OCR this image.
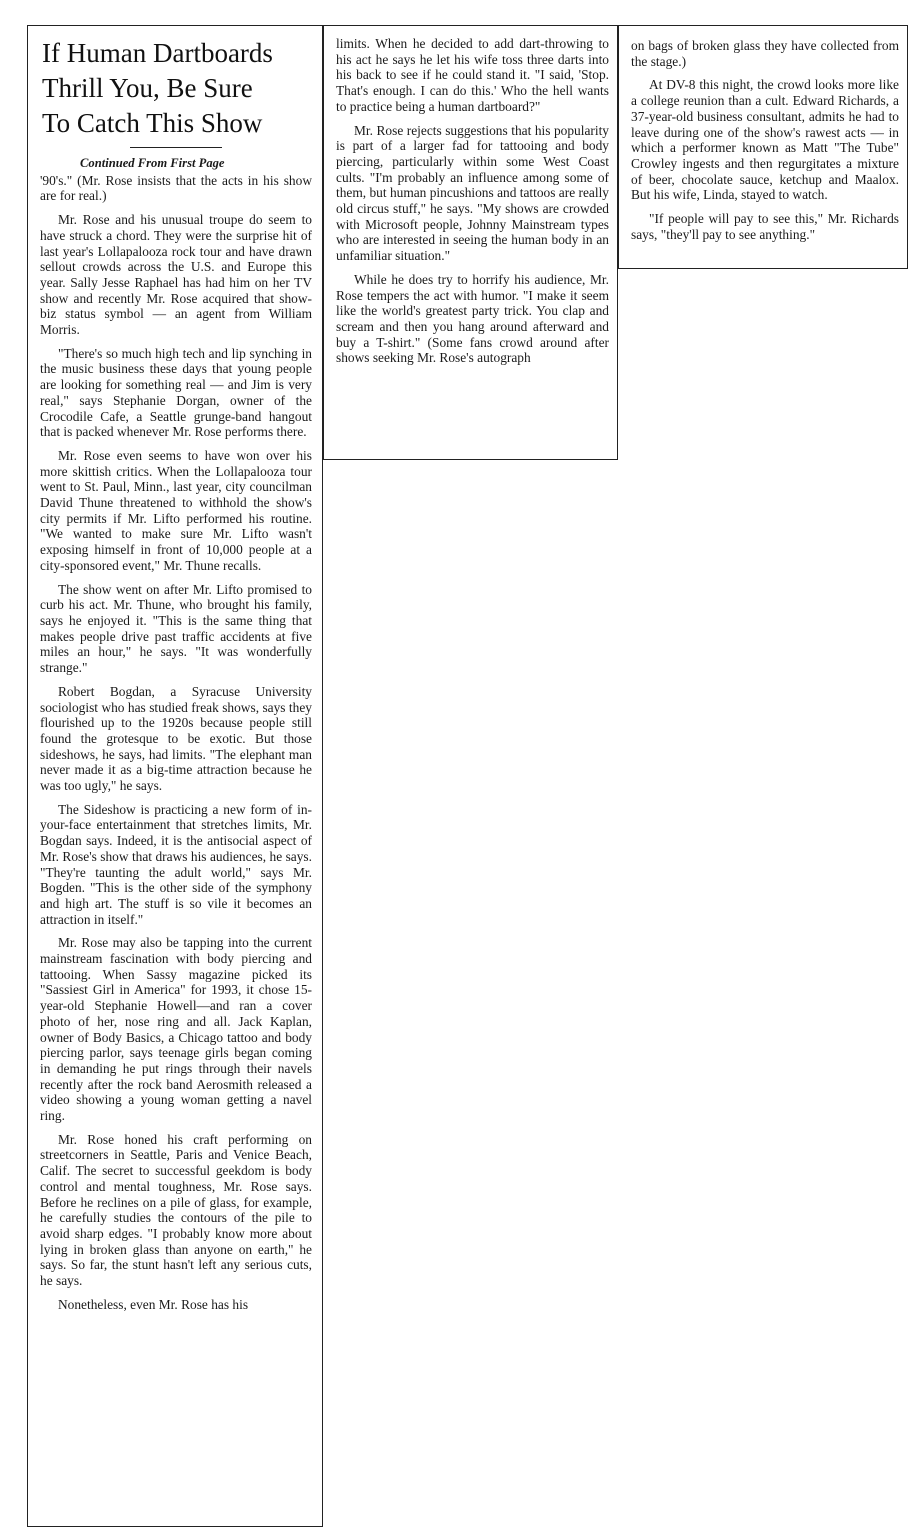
If Human Dartboards
Thrill You, Be Sure
To Catch This Show
Continued From First Page

'90's." (Mr. Rose insists that the acts in his show are for real.)

Mr. Rose and his unusual troupe do seem to have struck a chord. They were the surprise hit of last year's Lollapalooza rock tour and have drawn sellout crowds across the U.S. and Europe this year. Sally Jesse Raphael has had him on her TV show and recently Mr. Rose acquired that show-biz status symbol — an agent from William Morris.

"There's so much high tech and lip synching in the music business these days that young people are looking for something real — and Jim is very real," says Stephanie Dorgan, owner of the Crocodile Cafe, a Seattle grunge-band hangout that is packed whenever Mr. Rose performs there.

Mr. Rose even seems to have won over his more skittish critics. When the Lollapalooza tour went to St. Paul, Minn., last year, city councilman David Thune threatened to withhold the show's city permits if Mr. Lifto performed his routine. "We wanted to make sure Mr. Lifto wasn't exposing himself in front of 10,000 people at a city-sponsored event," Mr. Thune recalls.

The show went on after Mr. Lifto promised to curb his act. Mr. Thune, who brought his family, says he enjoyed it. "This is the same thing that makes people drive past traffic accidents at five miles an hour," he says. "It was wonderfully strange."

Robert Bogdan, a Syracuse University sociologist who has studied freak shows, says they flourished up to the 1920s because people still found the grotesque to be exotic. But those sideshows, he says, had limits. "The elephant man never made it as a big-time attraction because he was too ugly," he says.

The Sideshow is practicing a new form of in-your-face entertainment that stretches limits, Mr. Bogdan says. Indeed, it is the antisocial aspect of Mr. Rose's show that draws his audiences, he says. "They're taunting the adult world," says Mr. Bogden. "This is the other side of the symphony and high art. The stuff is so vile it becomes an attraction in itself."

Mr. Rose may also be tapping into the current mainstream fascination with body piercing and tattooing. When Sassy magazine picked its "Sassiest Girl in America" for 1993, it chose 15-year-old Stephanie Howell—and ran a cover photo of her, nose ring and all. Jack Kaplan, owner of Body Basics, a Chicago tattoo and body piercing parlor, says teenage girls began coming in demanding he put rings through their navels recently after the rock band Aerosmith released a video showing a young woman getting a navel ring.

Mr. Rose honed his craft performing on streetcorners in Seattle, Paris and Venice Beach, Calif. The secret to successful geekdom is body control and mental toughness, Mr. Rose says. Before he reclines on a pile of glass, for example, he carefully studies the contours of the pile to avoid sharp edges. "I probably know more about lying in broken glass than anyone on earth," he says. So far, the stunt hasn't left any serious cuts, he says.

Nonetheless, even Mr. Rose has his

limits. When he decided to add dart-throwing to his act he says he let his wife toss three darts into his back to see if he could stand it. "I said, 'Stop. That's enough. I can do this.' Who the hell wants to practice being a human dartboard?"

Mr. Rose rejects suggestions that his popularity is part of a larger fad for tattooing and body piercing, particularly within some West Coast cults. "I'm probably an influence among some of them, but human pincushions and tattoos are really old circus stuff," he says. "My shows are crowded with Microsoft people, Johnny Mainstream types who are interested in seeing the human body in an unfamiliar situation."

While he does try to horrify his audience, Mr. Rose tempers the act with humor. "I make it seem like the world's greatest party trick. You clap and scream and then you hang around afterward and buy a T-shirt." (Some fans crowd around after shows seeking Mr. Rose's autograph

on bags of broken glass they have collected from the stage.)

At DV-8 this night, the crowd looks more like a college reunion than a cult. Edward Richards, a 37-year-old business consultant, admits he had to leave during one of the show's rawest acts — in which a performer known as Matt "The Tube" Crowley ingests and then regurgitates a mixture of beer, chocolate sauce, ketchup and Maalox. But his wife, Linda, stayed to watch.

"If people will pay to see this," Mr. Richards says, "they'll pay to see anything."
